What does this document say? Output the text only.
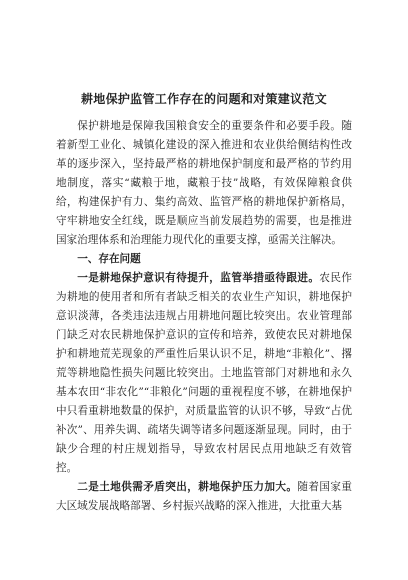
耕地保护监管工作存在的问题和对策建议范文

保护耕地是保障我国粮食安全的重要条件和必要手段。随着新型工业化、城镇化建设的深入推进和农业供给侧结构性改革的逐步深入，坚持最严格的耕地保护制度和最严格的节约用地制度，落实“藏粮于地，藏粮于技”战略，有效保障粮食供给，构建保护有力、集约高效、监管严格的耕地保护新格局，守牢耕地安全红线，既是顺应当前发展趋势的需要，也是推进国家治理体系和治理能力现代化的重要支撑，亟需关注解决。

一、存在问题

一是耕地保护意识有待提升，监管举措亟待跟进。农民作为耕地的使用者和所有者缺乏相关的农业生产知识，耕地保护意识淡薄，各类违法违规占用耕地问题比较突出。农业管理部门缺乏对农民耕地保护意识的宣传和培养，致使农民对耕地保护和耕地荒芜现象的严重性后果认识不足，耕地“非粮化”、撂荒等耕地隐性损失问题比较突出。土地监管部门对耕地和永久基本农田“非农化”“非粮化”问题的重视程度不够，在耕地保护中只看重耕地数量的保护，对质量监管的认识不够，导致“占优补次”、用养失调、疏堵失调等诸多问题逐渐显现。同时，由于缺少合理的村庄规划指导，导致农村居民点用地缺乏有效管控。

二是土地供需矛盾突出，耕地保护压力加大。随着国家重大区域发展战略部署、乡村振兴战略的深入推进，大批重大基
